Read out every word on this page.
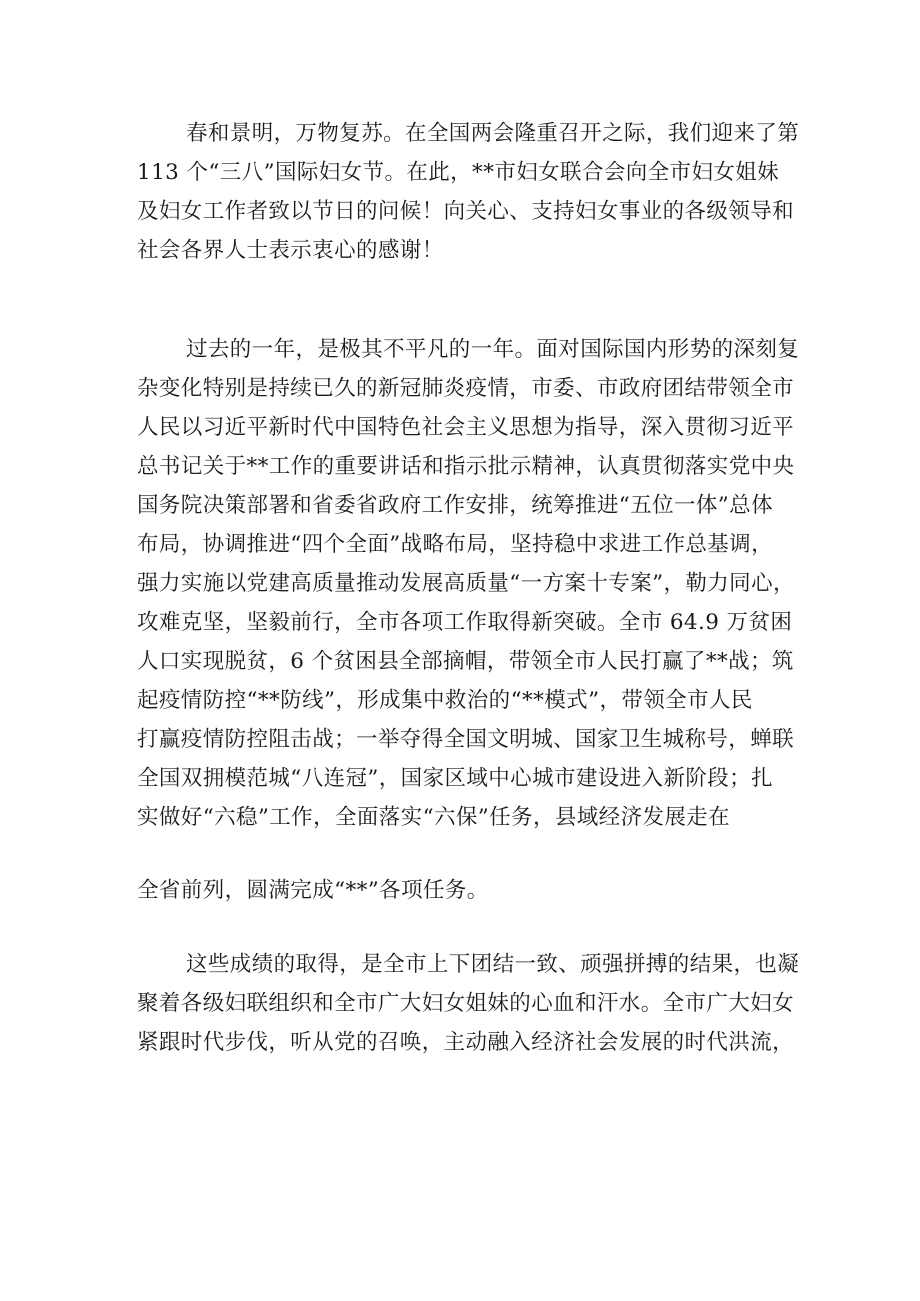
春和景明，万物复苏。在全国两会隆重召开之际，我们迎来了第
113 个“三八”国际妇女节。在此，**市妇女联合会向全市妇女姐妹
及妇女工作者致以节日的问候！向关心、支持妇女事业的各级领导和
社会各界人士表示衷心的感谢！
过去的一年，是极其不平凡的一年。面对国际国内形势的深刻复
杂变化特别是持续已久的新冠肺炎疫情，市委、市政府团结带领全市
人民以习近平新时代中国特色社会主义思想为指导，深入贯彻习近平
总书记关于**工作的重要讲话和指示批示精神，认真贯彻落实党中央
国务院决策部署和省委省政府工作安排，统筹推进“五位一体”总体
布局，协调推进“四个全面”战略布局，坚持稳中求进工作总基调，
强力实施以党建高质量推动发展高质量“一方案十专案”，勒力同心，
攻难克坚，坚毅前行，全市各项工作取得新突破。全市 64.9 万贫困
人口实现脱贫，6 个贫困县全部摘帽，带领全市人民打赢了**战；筑
起疫情防控“**防线”，形成集中救治的“**模式”，带领全市人民
打赢疫情防控阻击战；一举夺得全国文明城、国家卫生城称号，蝉联
全国双拥模范城“八连冠”，国家区域中心城市建设进入新阶段；扎
实做好“六稳”工作，全面落实“六保”任务，县域经济发展走在
全省前列，圆满完成“**”各项任务。
这些成绩的取得，是全市上下团结一致、顽强拼搏的结果，也凝
聚着各级妇联组织和全市广大妇女姐妹的心血和汗水。全市广大妇女
紧跟时代步伐，听从党的召唤，主动融入经济社会发展的时代洪流，
